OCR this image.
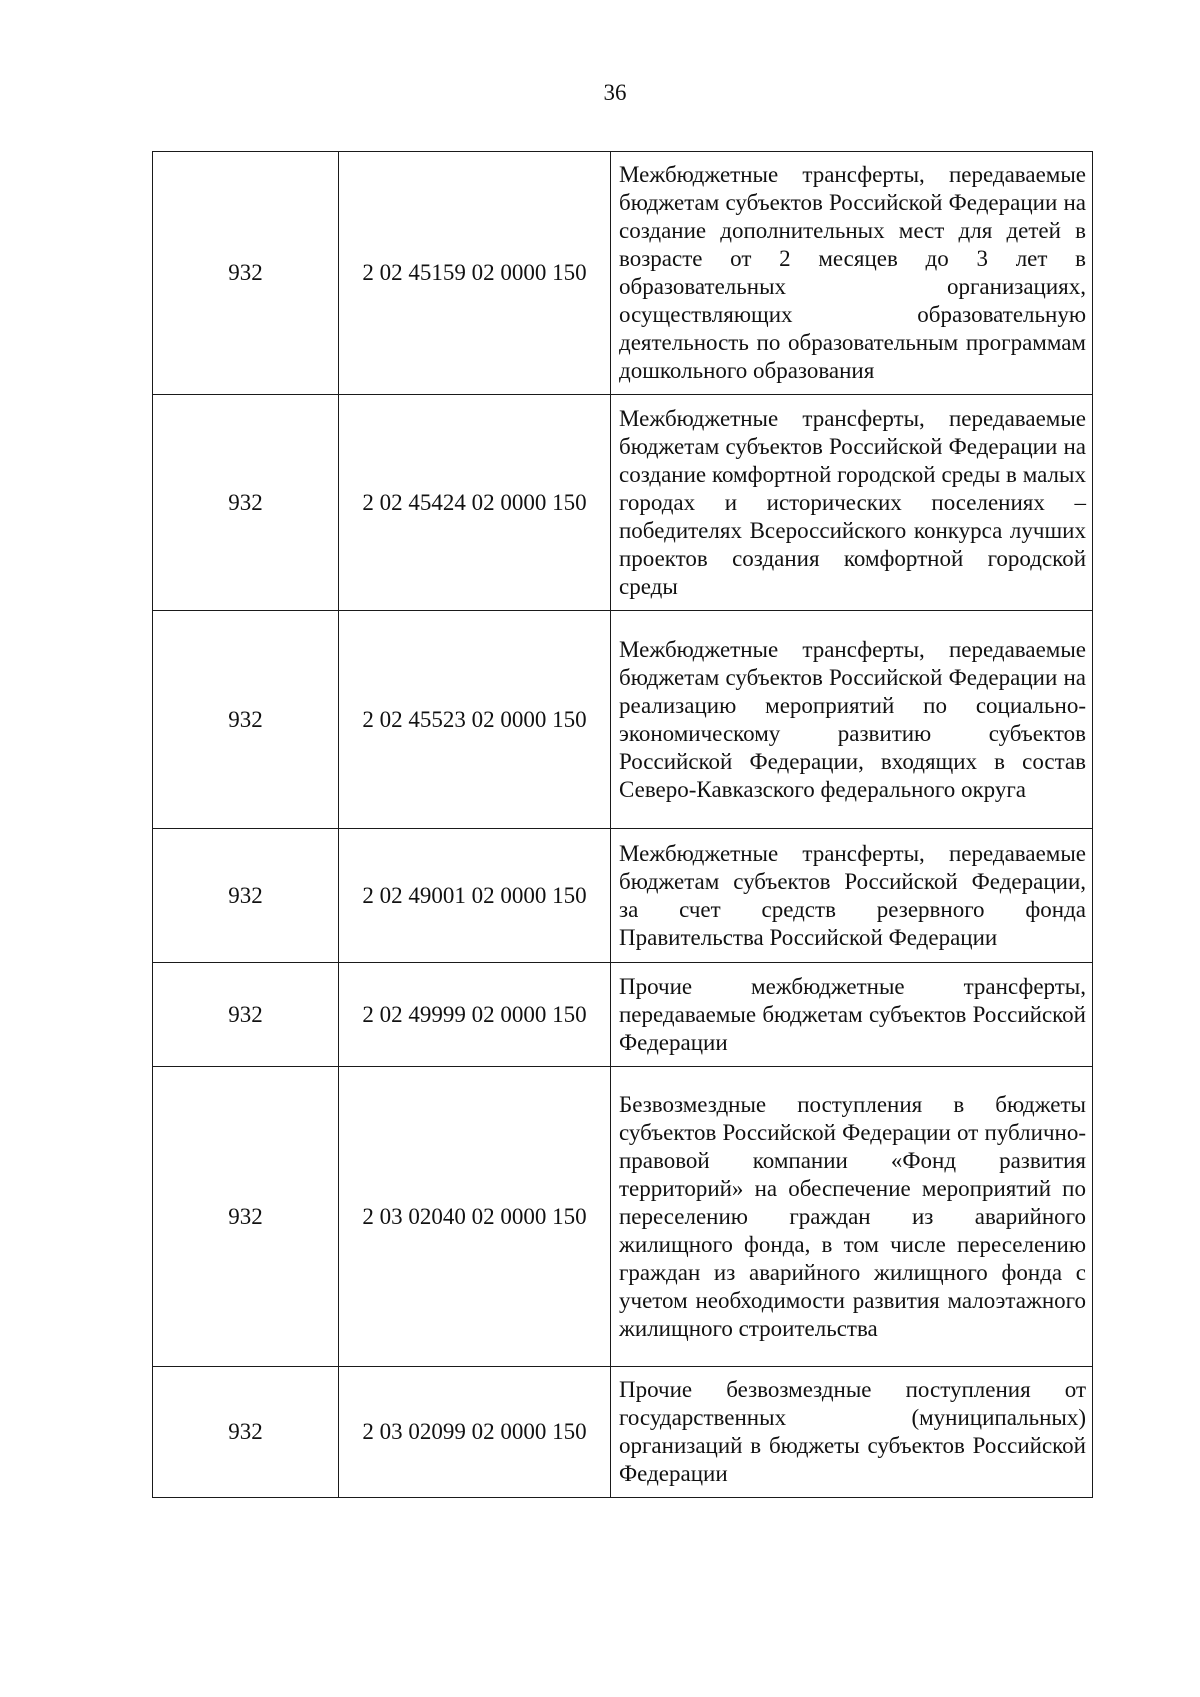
36
932	2 02 45159 02 0000 150	Межбюджетные трансферты, передаваемые бюджетам субъектов Российской Федерации на создание дополнительных мест для детей в возрасте от 2 месяцев до 3 лет в образовательных организациях, осуществляющих образовательную деятельность по образовательным программам дошкольного образования
932	2 02 45424 02 0000 150	Межбюджетные трансферты, передаваемые бюджетам субъектов Российской Федерации на создание комфортной городской среды в малых городах и исторических поселениях – победителях Всероссийского конкурса лучших проектов создания комфортной городской среды
932	2 02 45523 02 0000 150	Межбюджетные трансферты, передаваемые бюджетам субъектов Российской Федерации на реализацию мероприятий по социально-экономическому развитию субъектов Российской Федерации, входящих в состав Северо-Кавказского федерального округа
932	2 02 49001 02 0000 150	Межбюджетные трансферты, передаваемые бюджетам субъектов Российской Федерации, за счет средств резервного фонда Правительства Российской Федерации
932	2 02 49999 02 0000 150	Прочие межбюджетные трансферты, передаваемые бюджетам субъектов Российской Федерации
932	2 03 02040 02 0000 150	Безвозмездные поступления в бюджеты субъектов Российской Федерации от публично-правовой компании «Фонд развития территорий» на обеспечение мероприятий по переселению граждан из аварийного жилищного фонда, в том числе переселению граждан из аварийного жилищного фонда с учетом необходимости развития малоэтажного жилищного строительства
932	2 03 02099 02 0000 150	Прочие безвозмездные поступления от государственных (муниципальных) организаций в бюджеты субъектов Российской Федерации
